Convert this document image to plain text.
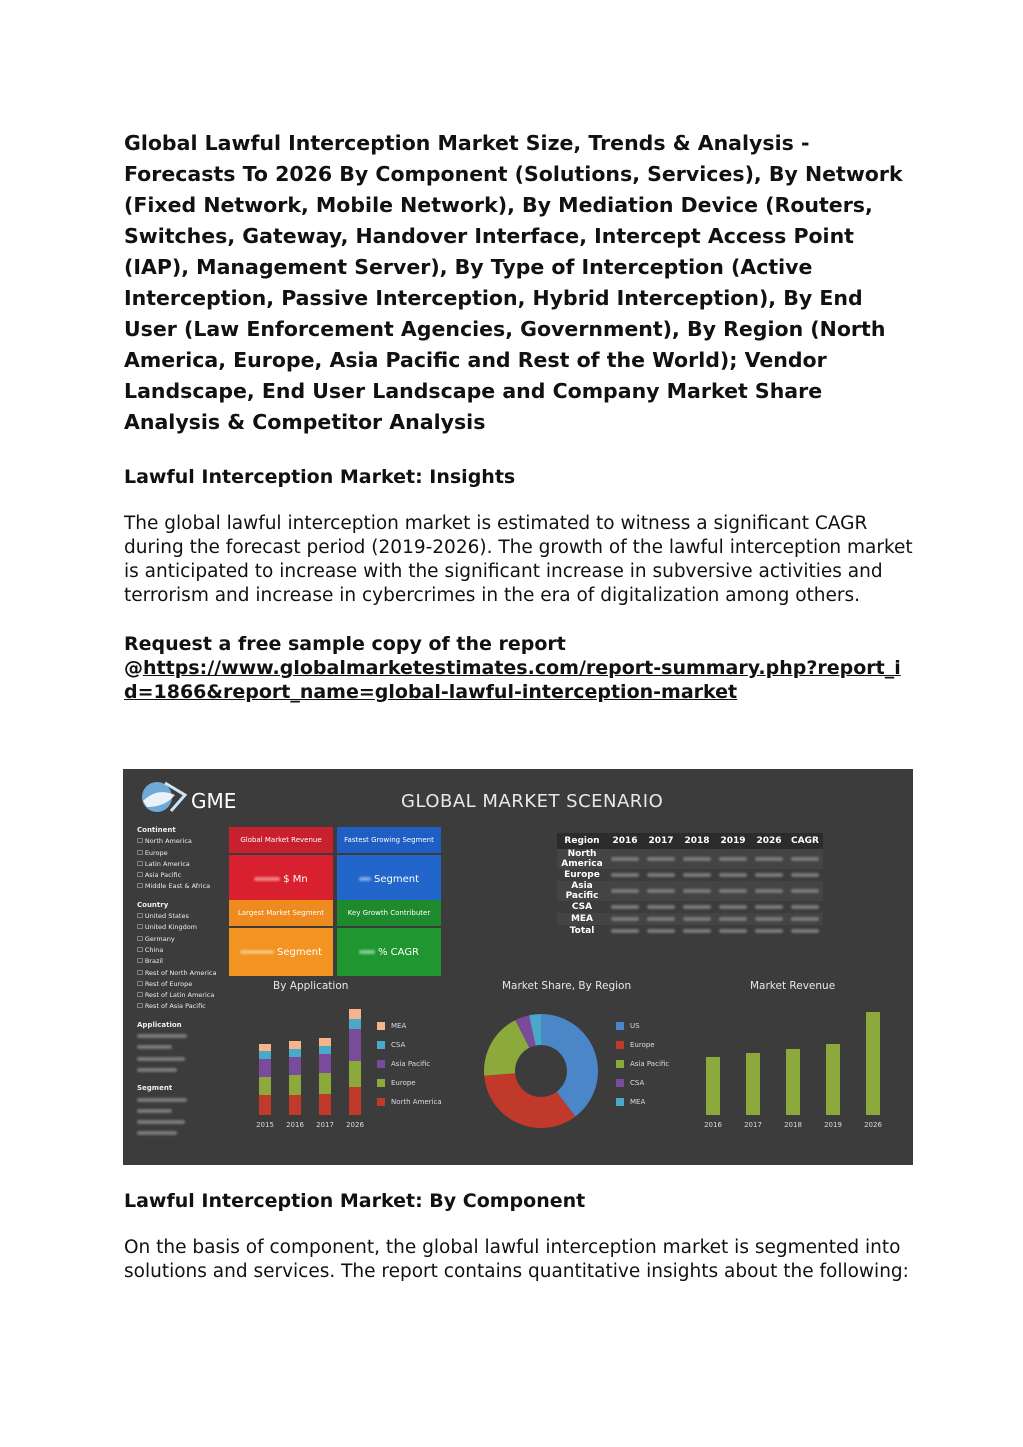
Global Lawful Interception Market Size, Trends & Analysis - Forecasts To 2026 By Component (Solutions, Services), By Network (Fixed Network, Mobile Network), By Mediation Device (Routers, Switches, Gateway, Handover Interface, Intercept Access Point (IAP), Management Server), By Type of Interception (Active Interception, Passive Interception, Hybrid Interception), By End User (Law Enforcement Agencies, Government), By Region (North America, Europe, Asia Pacific and Rest of the World); Vendor Landscape, End User Landscape and Company Market Share Analysis & Competitor Analysis
Lawful Interception Market: Insights

The global lawful interception market is estimated to witness a significant CAGR during the forecast period (2019-2026). The growth of the lawful interception market is anticipated to increase with the significant increase in subversive activities and terrorism and increase in cybercrimes in the era of digitalization among others.

Request a free sample copy of the report
@https://www.globalmarketestimates.com/report-summary.php?report_id=1866&report_name=global-lawful-interception-market

GME	GLOBAL MARKET SCENARIO
Continent
☐ North America
☐ Europe
☐ Latin America
☐ Asia Pacific
☐ Middle East & Africa
Country
☐ United States
☐ United Kingdom
☐ Germany
☐ China
☐ Brazil
☐ Rest of North America
☐ Rest of Europe
☐ Rest of Latin America
☐ Rest of Asia Pacific
Application
Segment
Global Market Revenue
$ Mn
Fastest Growing Segment
Segment
Largest Market Segment
Segment
Key Growth Contributer
% CAGR
Region	2016	2017	2018	2019	2026	CAGR
North America						
Europe						
Asia Pacific						
CSA						
MEA						
Total						
By Application
2015 2016 2017 2026
MEA
CSA
Asia Pacific
Europe
North America
Market Share, By Region
US
Europe
Asia Pacific
CSA
MEA
Market Revenue
2016	2017	2018	2019	2026
Lawful Interception Market: By Component

On the basis of component, the global lawful interception market is segmented into solutions and services. The report contains quantitative insights about the following:
